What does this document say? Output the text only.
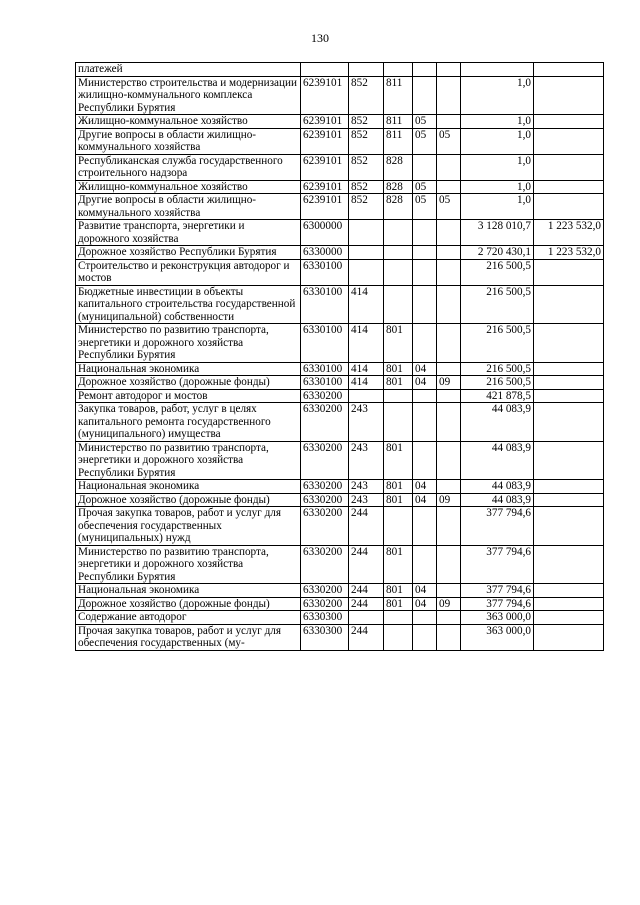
130
платежей							
Министерство строительства и модернизации жилищно-коммунального комплекса Республики Бурятия	6239101	852	811			1,0	
Жилищно-коммунальное хозяйство	6239101	852	811	05		1,0	
Другие вопросы в области жилищно-коммунального хозяйства	6239101	852	811	05	05	1,0	
Республиканская служба государственного строительного надзора	6239101	852	828			1,0	
Жилищно-коммунальное хозяйство	6239101	852	828	05		1,0	
Другие вопросы в области жилищно-коммунального хозяйства	6239101	852	828	05	05	1,0	
Развитие транспорта, энергетики и дорожного хозяйства	6300000					3 128 010,7	1 223 532,0
Дорожное хозяйство Республики Бурятия	6330000					2 720 430,1	1 223 532,0
Строительство и реконструкция автодорог и мостов	6330100					216 500,5	
Бюджетные инвестиции в объекты капитального строительства государственной (муниципальной) собственности	6330100	414				216 500,5	
Министерство по развитию транспорта, энергетики и дорожного хозяйства Республики Бурятия	6330100	414	801			216 500,5	
Национальная экономика	6330100	414	801	04		216 500,5	
Дорожное хозяйство (дорожные фонды)	6330100	414	801	04	09	216 500,5	
Ремонт автодорог и мостов	6330200					421 878,5	
Закупка товаров, работ, услуг в целях капитального ремонта государственного (муниципального) имущества	6330200	243				44 083,9	
Министерство по развитию транспорта, энергетики и дорожного хозяйства Республики Бурятия	6330200	243	801			44 083,9	
Национальная экономика	6330200	243	801	04		44 083,9	
Дорожное хозяйство (дорожные фонды)	6330200	243	801	04	09	44 083,9	
Прочая закупка товаров, работ и услуг для обеспечения государственных (муниципальных) нужд	6330200	244				377 794,6	
Министерство по развитию транспорта, энергетики и дорожного хозяйства Республики Бурятия	6330200	244	801			377 794,6	
Национальная экономика	6330200	244	801	04		377 794,6	
Дорожное хозяйство (дорожные фонды)	6330200	244	801	04	09	377 794,6	
Содержание автодорог	6330300					363 000,0	
Прочая закупка товаров, работ и услуг для обеспечения государственных (му-	6330300	244				363 000,0	
